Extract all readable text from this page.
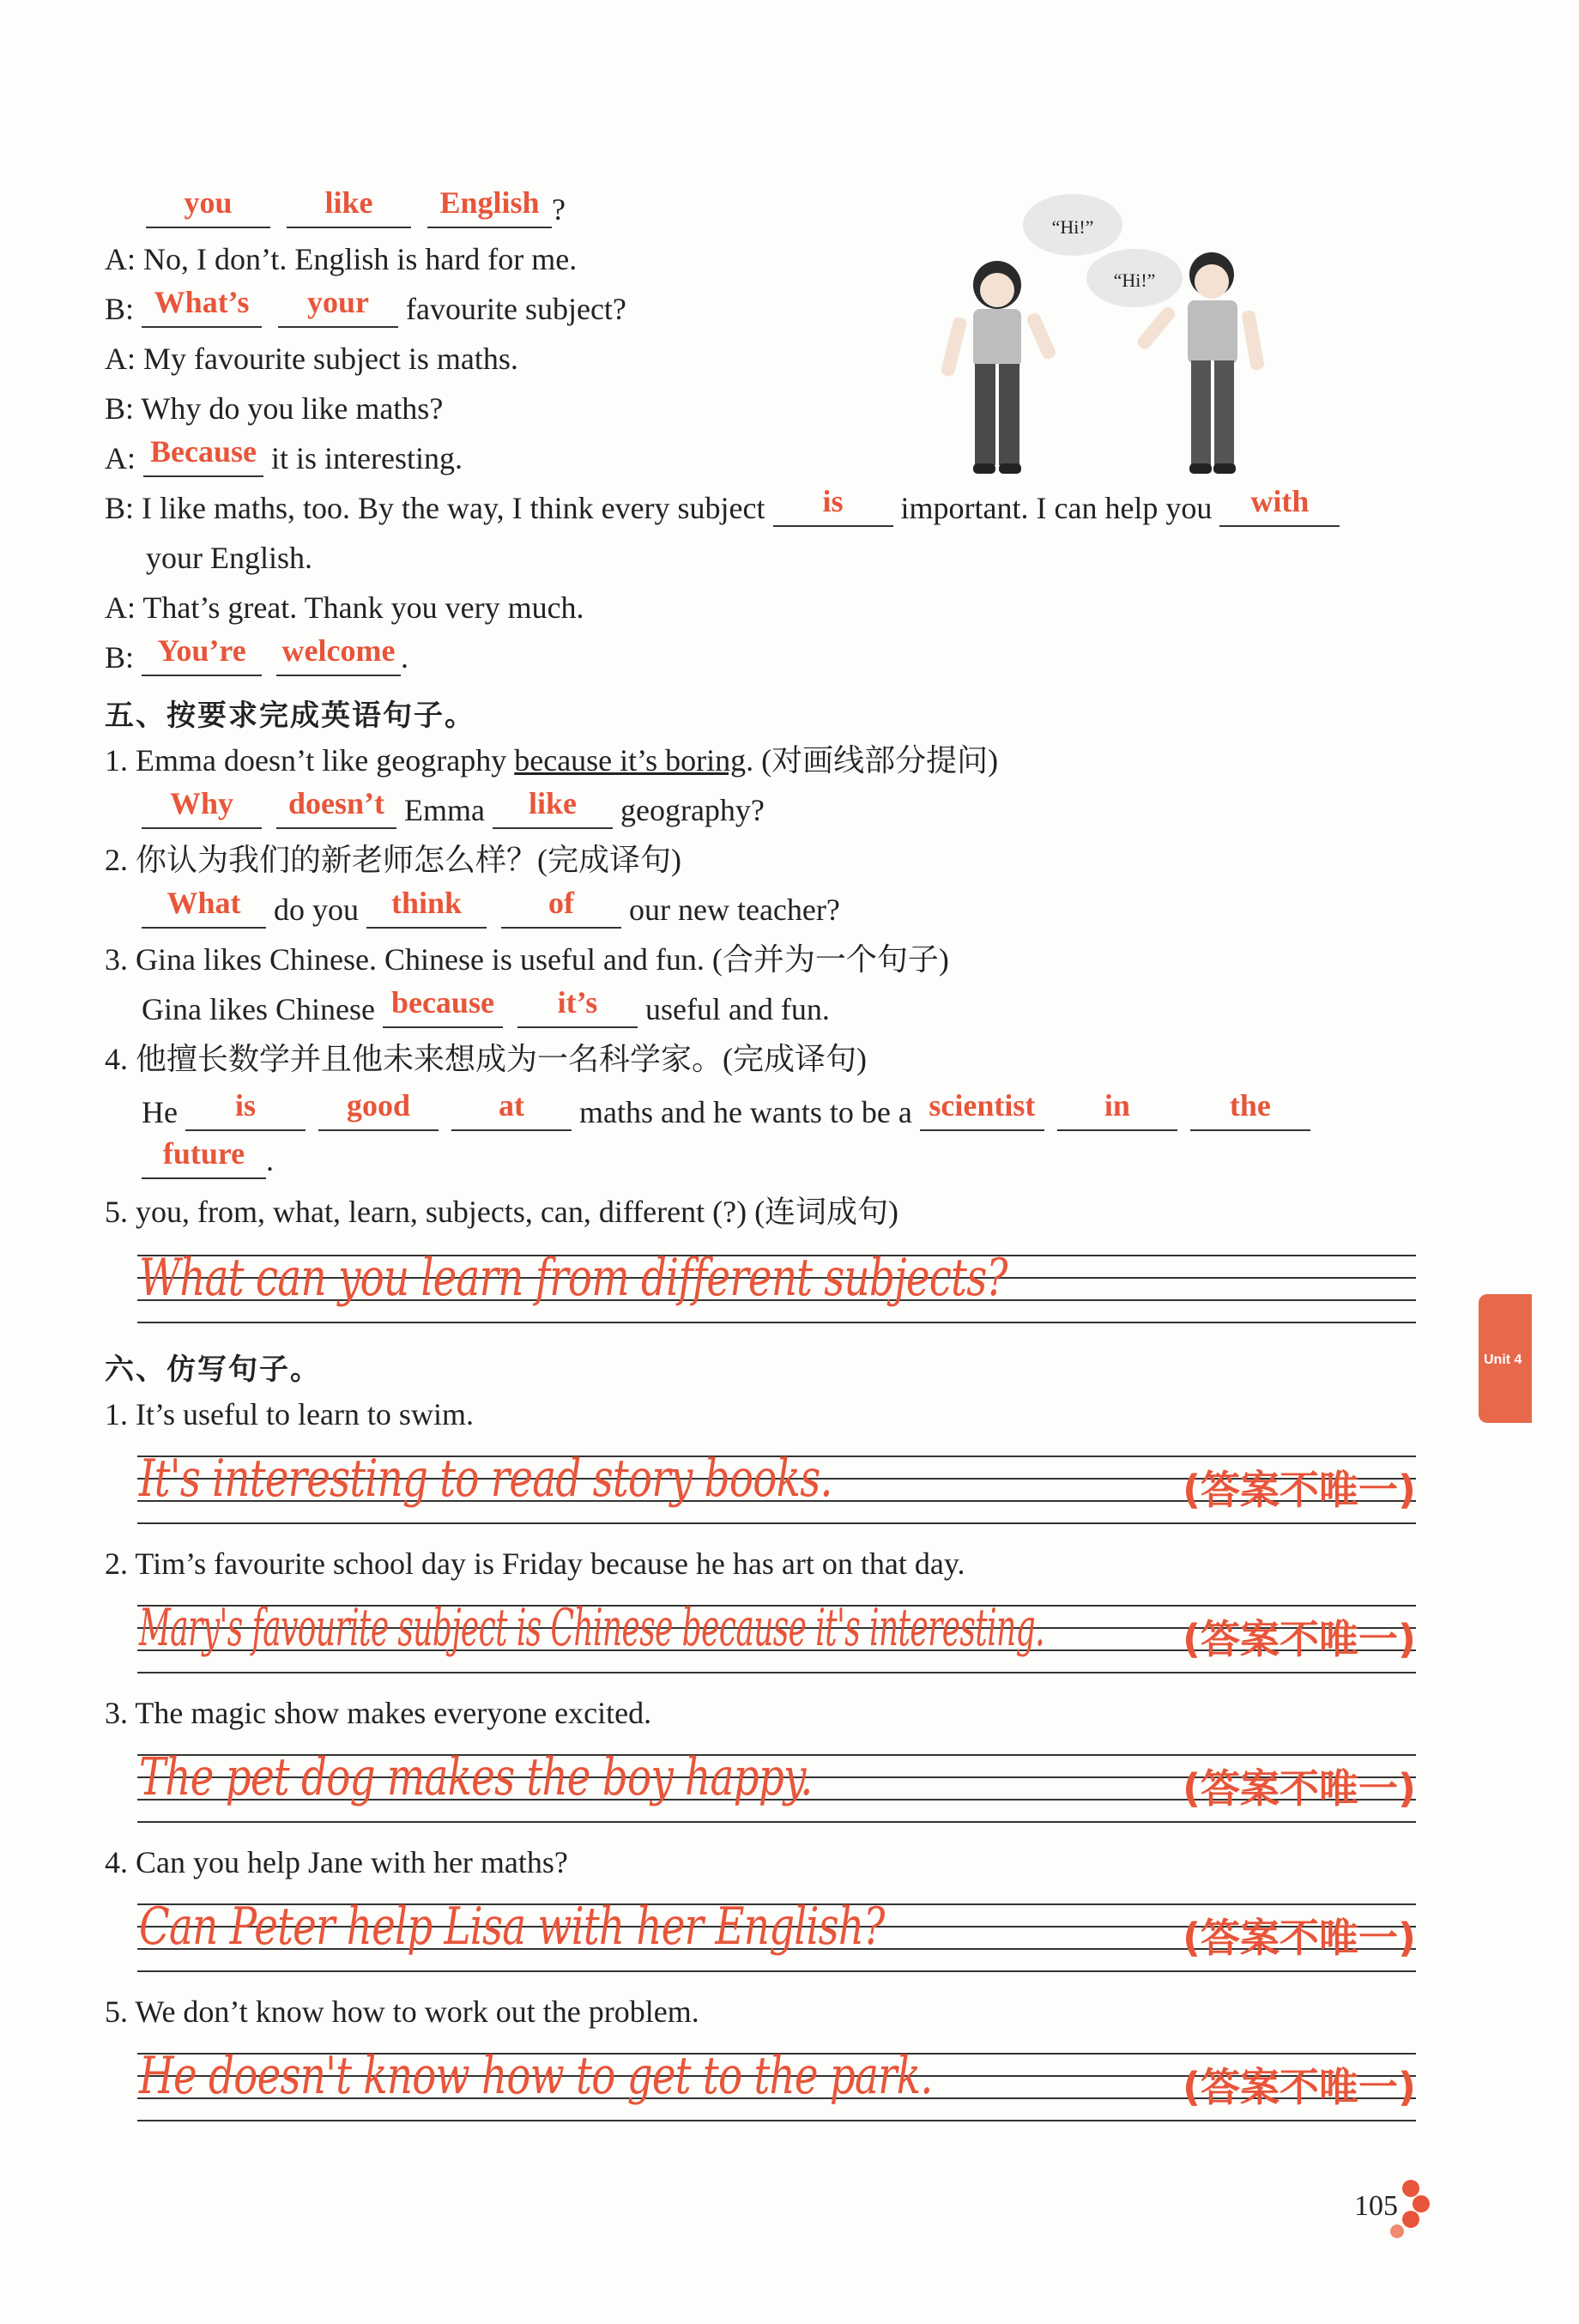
you	like English ?
A: No, I don’t. English is hard for me.
B: What’s your favourite subject?
A: My favourite subject is maths.
B: Why do you like maths?
A: Because it is interesting.
B: I like maths, too. By the way, I think every subject is important. I can help you with
your English.
A: That’s great. Thank you very much.
B: You’re welcome .
“Hi!”
“Hi!”
五、按要求完成英语句子。
1. Emma doesn’t like geography because it’s boring. (对画线部分提问)
Why doesn’t Emma like geography?
2. 你认为我们的新老师怎么样？(完成译句)
What do you think	of our new teacher?
3. Gina likes Chinese. Chinese is useful and fun. (合并为一个句子)
Gina likes Chinese because it’s useful and fun.
4. 他擅长数学并且他未来想成为一名科学家。(完成译句)
He is	good	at maths and he wants to be a scientist in	the
future .
5. you, from, what, learn, subjects, can, different (?) (连词成句)
What can you learn from different subjects?
六、仿写句子。
1. It’s useful to learn to swim.
It's interesting to read story books.	(答案不唯一)
2. Tim’s favourite school day is Friday because he has art on that day.
Mary's favourite subject is Chinese because it's interesting.	(答案不唯一)
3. The magic show makes everyone excited.
The pet dog makes the boy happy.	(答案不唯一)
4. Can you help Jane with her maths?
Can Peter help Lisa with her English?	(答案不唯一)
5. We don’t know how to work out the problem.
He doesn't know how to get to the park.	(答案不唯一)
Unit 4
105
